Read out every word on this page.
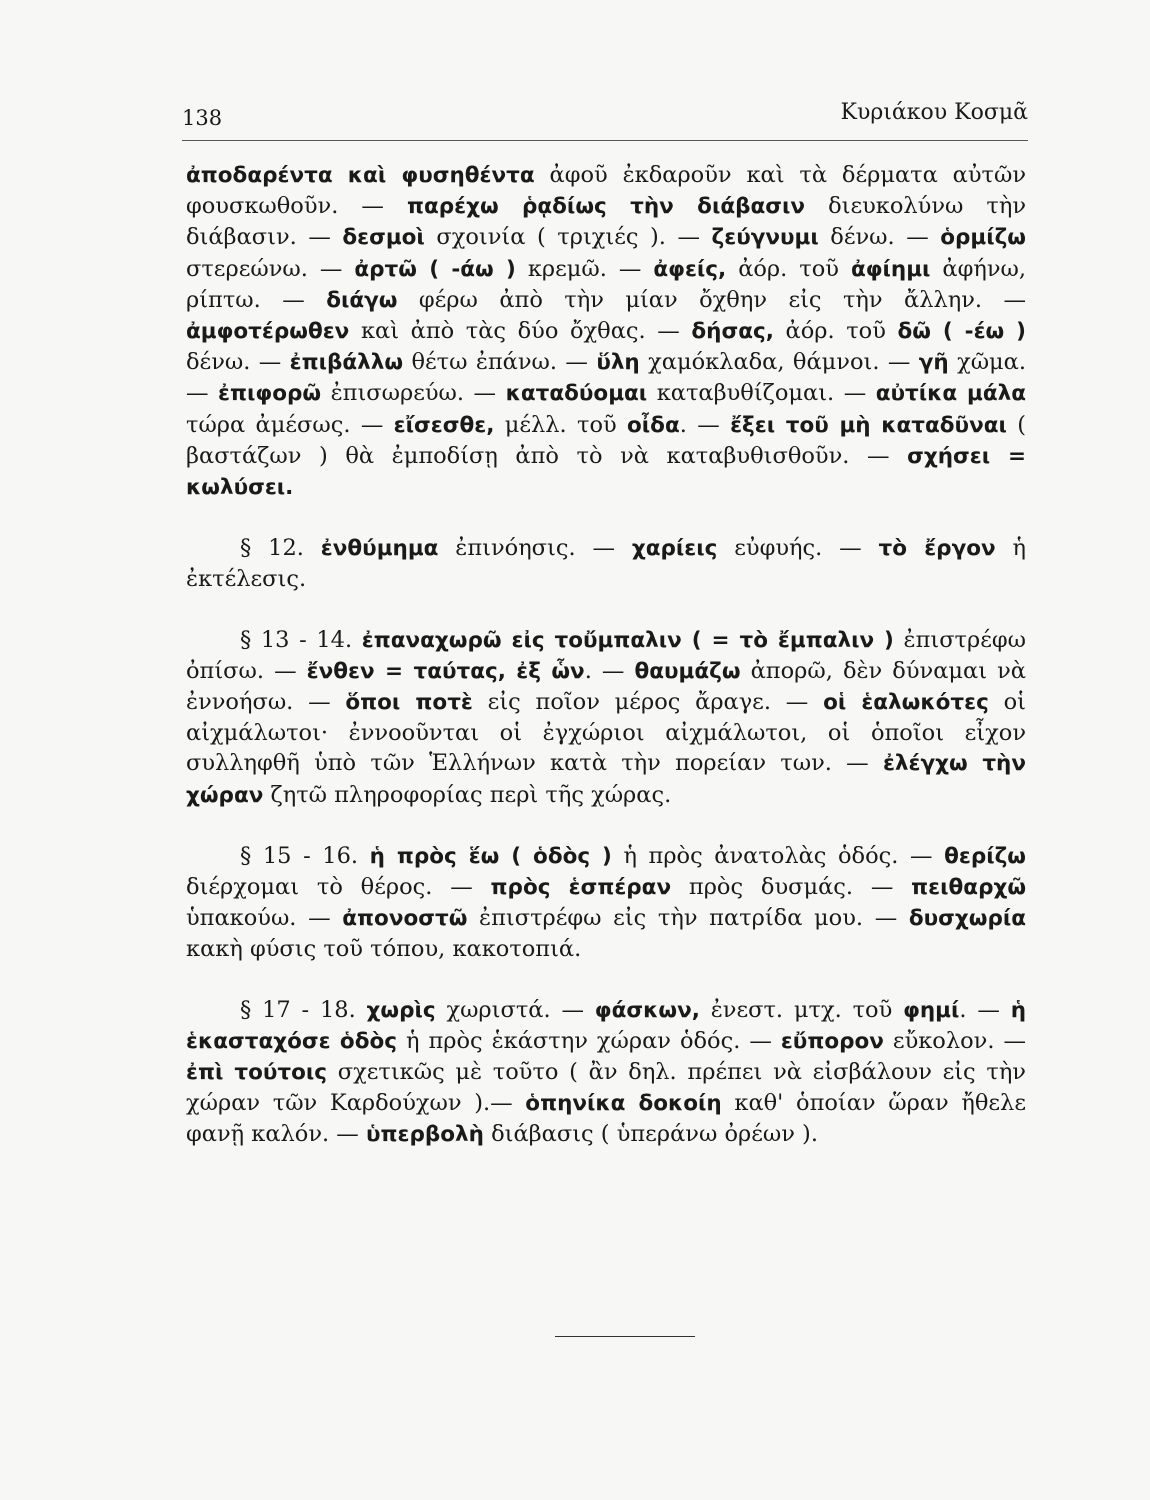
138	Κυριάκου Κοσμᾶ

ἀποδαρέντα καὶ φυσηθέντα ἀφοῦ ἐκδαροῦν καὶ τὰ δέρματα αὐτῶν φουσκωθοῦν. — παρέχω ῥᾳδίως τὴν διάβασιν διευκολύνω τὴν διάβασιν. — δεσμοὶ σχοινία ( τριχιές ). — ζεύγνυμι δένω. — ὁρμίζω στερεώνω. — ἀρτῶ ( -άω ) κρεμῶ. — ἀφείς, ἀόρ. τοῦ ἀφίημι ἀφήνω, ρίπτω. — διάγω φέρω ἀπὸ τὴν μίαν ὄχθην εἰς τὴν ἄλλην. — ἀμφοτέρωθεν καὶ ἀπὸ τὰς δύο ὄχθας. — δήσας, ἀόρ. τοῦ δῶ ( -έω ) δένω. — ἐπιβάλλω θέτω ἐπάνω. — ὕλη χαμόκλαδα, θάμνοι. — γῆ χῶμα.— ἐπιφορῶ ἐπισωρεύω. — καταδύομαι καταβυθίζομαι. — αὐτίκα μάλα τώρα ἀμέσως. — εἴσεσθε, μέλλ. τοῦ οἶδα. — ἔξει τοῦ μὴ καταδῦναι ( βαστάζων ) θὰ ἐμποδίσῃ ἀπὸ τὸ νὰ καταβυθισθοῦν. — σχήσει = κωλύσει.

§ 12. ἐνθύμημα ἐπινόησις. — χαρίεις εὐφυής. — τὸ ἔργον ἡ ἐκτέλεσις.

§ 13 - 14. ἐπαναχωρῶ εἰς τοὔμπαλιν ( = τὸ ἔμπαλιν ) ἐπιστρέφω ὀπίσω. — ἔνθεν = ταύτας, ἐξ ὧν. — θαυμάζω ἀπορῶ, δὲν δύναμαι νὰ ἐννοήσω. — ὅποι ποτὲ εἰς ποῖον μέρος ἄραγε. — οἱ ἑαλωκότες οἱ αἰχμάλωτοι· ἐννοοῦνται οἱ ἐγχώριοι αἰχμάλωτοι, οἱ ὁποῖοι εἶχον συλληφθῆ ὑπὸ τῶν Ἑλλήνων κατὰ τὴν πορείαν των. — ἐλέγχω τὴν χώραν ζητῶ πληροφορίας περὶ τῆς χώρας.

§ 15 - 16. ἡ πρὸς ἕω ( ὁδὸς ) ἡ πρὸς ἀνατολὰς ὁδός. — θερίζω διέρχομαι τὸ θέρος. — πρὸς ἑσπέραν πρὸς δυσμάς. — πειθαρχῶ ὑπακούω. — ἀπονοστῶ ἐπιστρέφω εἰς τὴν πατρίδα μου. — δυσχωρία κακὴ φύσις τοῦ τόπου, κακοτοπιά.

§ 17 - 18. χωρὶς χωριστά. — φάσκων, ἐνεστ. μτχ. τοῦ φημί. — ἡ ἑκασταχόσε ὁδὸς ἡ πρὸς ἑκάστην χώραν ὁδός. — εὔπορον εὔκολον. — ἐπὶ τούτοις σχετικῶς μὲ τοῦτο ( ἂν δηλ. πρέπει νὰ εἰσβάλουν εἰς τὴν χώραν τῶν Καρδούχων ).— ὁπηνίκα δοκοίη καθ' ὁποίαν ὥραν ἤθελε φανῇ καλόν. — ὑπερβολὴ διάβασις ( ὑπεράνω ὀρέων ).
